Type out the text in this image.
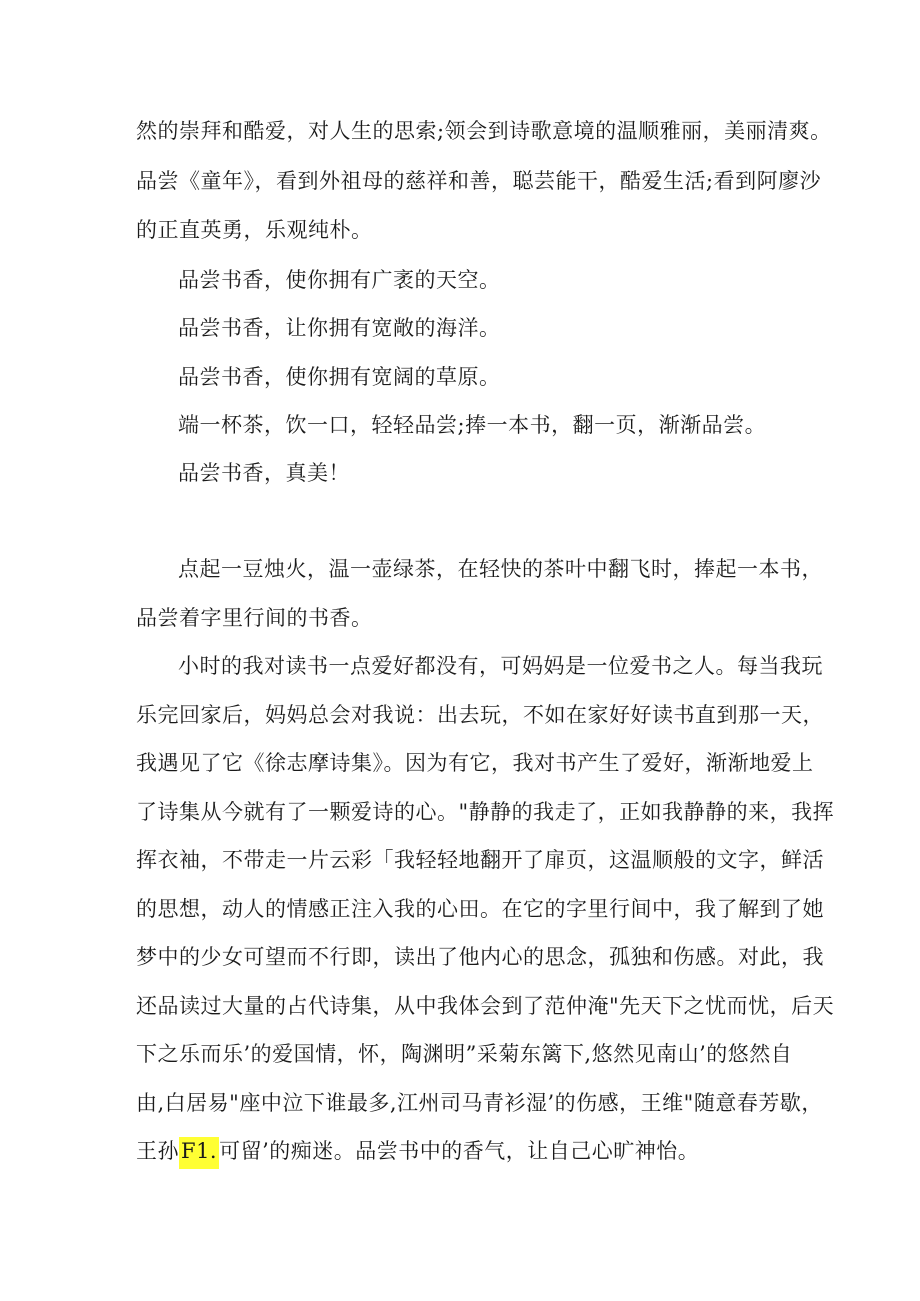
然的崇拜和酷爱，对人生的思索;领会到诗歌意境的温顺雅丽，美丽清爽。
品尝《童年》，看到外祖母的慈祥和善，聪芸能干，酷爱生活;看到阿廖沙
的正直英勇，乐观纯朴。
品尝书香，使你拥有广袤的天空。
品尝书香，让你拥有宽敞的海洋。
品尝书香，使你拥有宽阔的草原。
端一杯茶，饮一口，轻轻品尝;捧一本书，翻一页，渐渐品尝。
品尝书香，真美！
点起一豆烛火，温一壶绿茶，在轻快的茶叶中翻飞时，捧起一本书，
品尝着字里行间的书香。
小时的我对读书一点爱好都没有，可妈妈是一位爱书之人。每当我玩
乐完回家后，妈妈总会对我说：出去玩，不如在家好好读书直到那一天，
我遇见了它《徐志摩诗集》。因为有它，我对书产生了爱好，渐渐地爱上
了诗集从今就有了一颗爱诗的心。"静静的我走了，正如我静静的来，我挥
挥衣袖，不带走一片云彩「我轻轻地翻开了扉页，这温顺般的文字，鲜活
的思想，动人的情感正注入我的心田。在它的字里行间中，我了解到了她
梦中的少女可望而不行即，读出了他内心的思念，孤独和伤感。对此，我
还品读过大量的占代诗集，从中我体会到了范仲淹"先天下之忧而忧，后天
下之乐而乐’的爱国情，怀，陶渊明”采菊东篱下,悠然见南山’的悠然自
由,白居易"座中泣下谁最多,江州司马青衫湿’的伤感，王维"随意春芳歇，
王孙F1.可留’的痴迷。品尝书中的香气，让自己心旷神怡。
